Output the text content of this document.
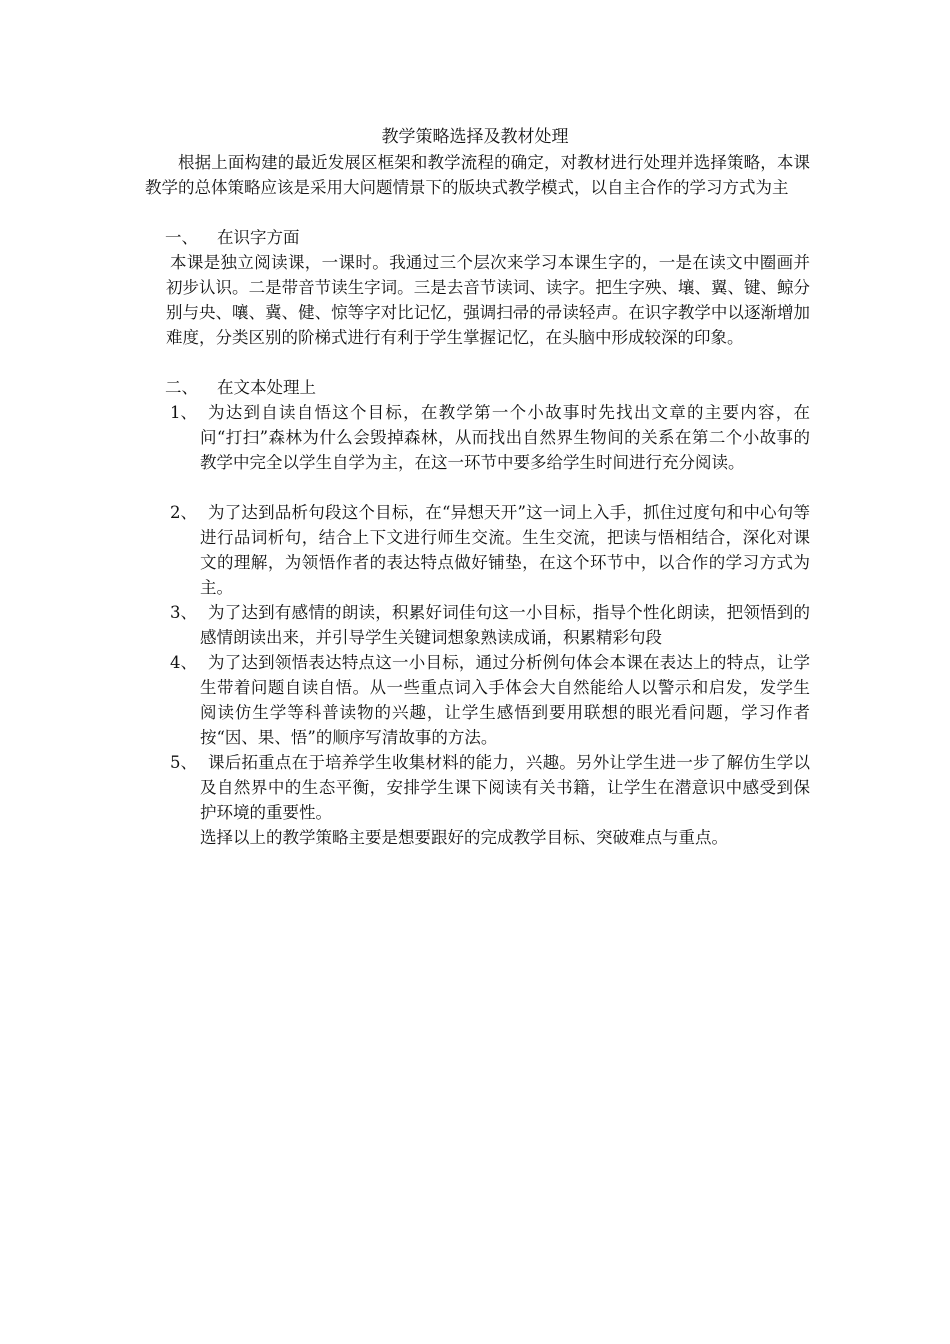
教学策略选择及教材处理
根据上面构建的最近发展区框架和教学流程的确定，对教材进行处理并选择策略，本课教学的总体策略应该是采用大问题情景下的版块式教学模式，以自主合作的学习方式为主
一、 在识字方面
本课是独立阅读课，一课时。我通过三个层次来学习本课生字的，一是在读文中圈画并初步认识。二是带音节读生字词。三是去音节读词、读字。把生字殃、壤、翼、键、鲸分别与央、嚷、冀、健、惊等字对比记忆，强调扫帚的帚读轻声。在识字教学中以逐渐增加难度，分类区别的阶梯式进行有利于学生掌握记忆，在头脑中形成较深的印象。
二、 在文本处理上
1、 为达到自读自悟这个目标，在教学第一个小故事时先找出文章的主要内容，在问“打扫”森林为什么会毁掉森林，从而找出自然界生物间的关系在第二个小故事的教学中完全以学生自学为主，在这一环节中要多给学生时间进行充分阅读。
2、 为了达到品析句段这个目标，在“异想天开”这一词上入手，抓住过度句和中心句等进行品词析句，结合上下文进行师生交流。生生交流，把读与悟相结合，深化对课文的理解，为领悟作者的表达特点做好铺垫，在这个环节中，以合作的学习方式为主。
3、 为了达到有感情的朗读，积累好词佳句这一小目标，指导个性化朗读，把领悟到的感情朗读出来，并引导学生关键词想象熟读成诵，积累精彩句段
4、 为了达到领悟表达特点这一小目标，通过分析例句体会本课在表达上的特点，让学生带着问题自读自悟。从一些重点词入手体会大自然能给人以警示和启发，发学生阅读仿生学等科普读物的兴趣，让学生感悟到要用联想的眼光看问题，学习作者按“因、果、悟”的顺序写清故事的方法。
5、 课后拓重点在于培养学生收集材料的能力，兴趣。另外让学生进一步了解仿生学以及自然界中的生态平衡，安排学生课下阅读有关书籍，让学生在潜意识中感受到保护环境的重要性。
选择以上的教学策略主要是想要跟好的完成教学目标、突破难点与重点。
